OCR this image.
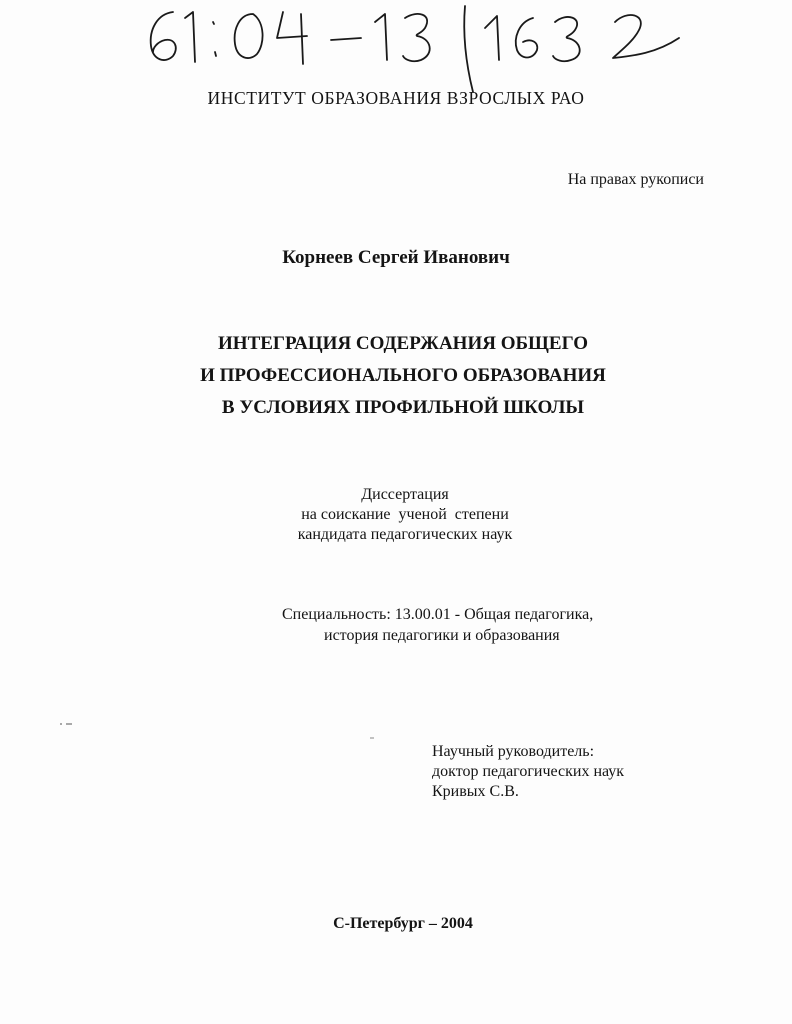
ИНСТИТУТ ОБРАЗОВАНИЯ ВЗРОСЛЫХ РАО
На правах рукописи
Корнеев Сергей Иванович
ИНТЕГРАЦИЯ СОДЕРЖАНИЯ ОБЩЕГО
И ПРОФЕССИОНАЛЬНОГО ОБРАЗОВАНИЯ
В УСЛОВИЯХ ПРОФИЛЬНОЙ ШКОЛЫ
Диссертация
на соискание  ученой  степени
кандидата педагогических наук
Специальность: 13.00.01 - Общая педагогика,
история педагогики и образования
Научный руководитель:
доктор педагогических наук
Кривых С.В.
С-Петербург – 2004
